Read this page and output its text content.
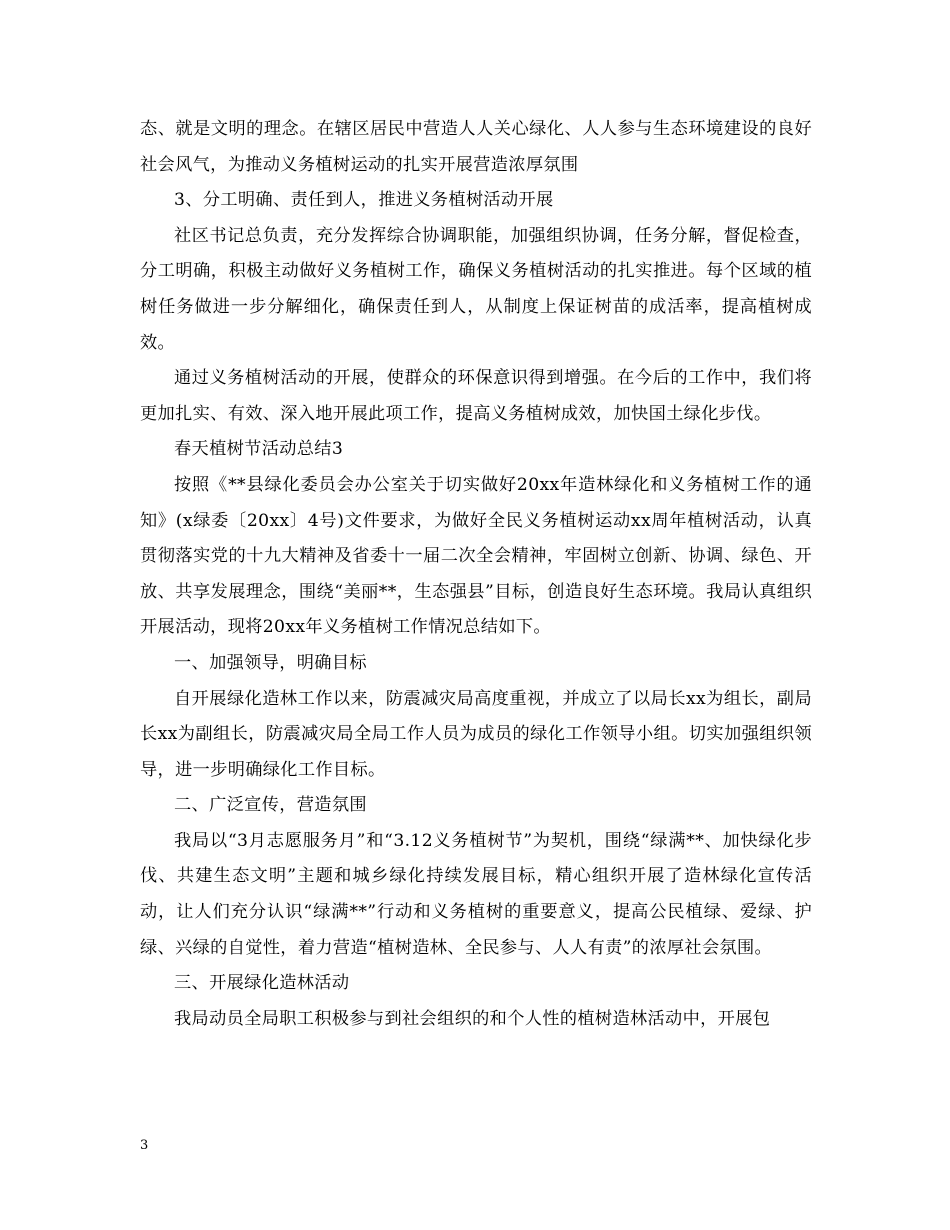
态、就是文明的理念。在辖区居民中营造人人关心绿化、人人参与生态环境建设的良好社会风气，为推动义务植树运动的扎实开展营造浓厚氛围

3、分工明确、责任到人，推进义务植树活动开展

社区书记总负责，充分发挥综合协调职能，加强组织协调，任务分解，督促检查，分工明确，积极主动做好义务植树工作，确保义务植树活动的扎实推进。每个区域的植树任务做进一步分解细化，确保责任到人，从制度上保证树苗的成活率，提高植树成效。

通过义务植树活动的开展，使群众的环保意识得到增强。在今后的工作中，我们将更加扎实、有效、深入地开展此项工作，提高义务植树成效，加快国土绿化步伐。

春天植树节活动总结3

按照《**县绿化委员会办公室关于切实做好20xx年造林绿化和义务植树工作的通知》(x绿委〔20xx〕4号)文件要求，为做好全民义务植树运动xx周年植树活动，认真贯彻落实党的十九大精神及省委十一届二次全会精神，牢固树立创新、协调、绿色、开放、共享发展理念，围绕“美丽**，生态强县”目标，创造良好生态环境。我局认真组织开展活动，现将20xx年义务植树工作情况总结如下。

一、加强领导，明确目标

自开展绿化造林工作以来，防震减灾局高度重视，并成立了以局长xx为组长，副局长xx为副组长，防震减灾局全局工作人员为成员的绿化工作领导小组。切实加强组织领导，进一步明确绿化工作目标。

二、广泛宣传，营造氛围

我局以“3月志愿服务月”和“3.12义务植树节”为契机，围绕“绿满**、加快绿化步伐、共建生态文明”主题和城乡绿化持续发展目标，精心组织开展了造林绿化宣传活动，让人们充分认识“绿满**”行动和义务植树的重要意义，提高公民植绿、爱绿、护绿、兴绿的自觉性，着力营造“植树造林、全民参与、人人有责”的浓厚社会氛围。

三、开展绿化造林活动

我局动员全局职工积极参与到社会组织的和个人性的植树造林活动中，开展包

3
